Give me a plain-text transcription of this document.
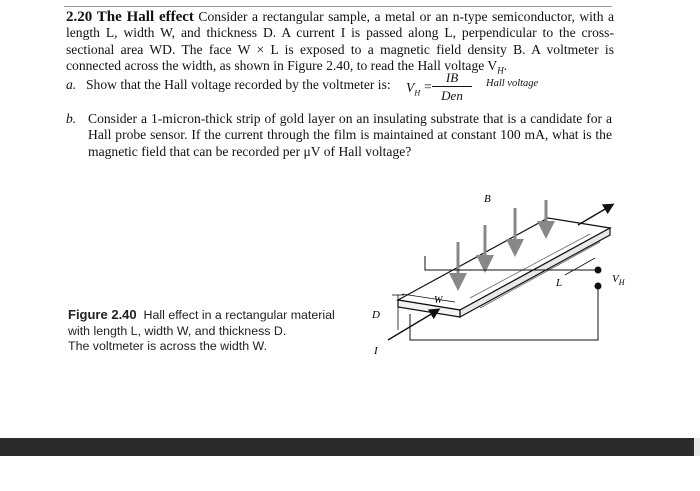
2.20 The Hall effect Consider a rectangular sample, a metal or an n-type semiconductor, with a length L, width W, and thickness D. A current I is passed along L, perpendicular to the cross-sectional area WD. The face W × L is exposed to a magnetic field density B. A voltmeter is connected across the width, as shown in Figure 2.40, to read the Hall voltage $V_H$.
a. Show that the Hall voltage recorded by the voltmeter is:	$V_H$ =
IB
Den
Hall voltage
b. Consider a 1-micron-thick strip of gold layer on an insulating substrate that is a candidate for a Hall probe sensor. If the current through the film is maintained at constant 100 mA, what is the magnetic field that can be recorded per μV of Hall voltage?
Figure 2.40 Hall effect in a rectangular material
with length L, width W, and thickness D.
The voltmeter is across the width W.
B
I
W
D
L	$V_H$
